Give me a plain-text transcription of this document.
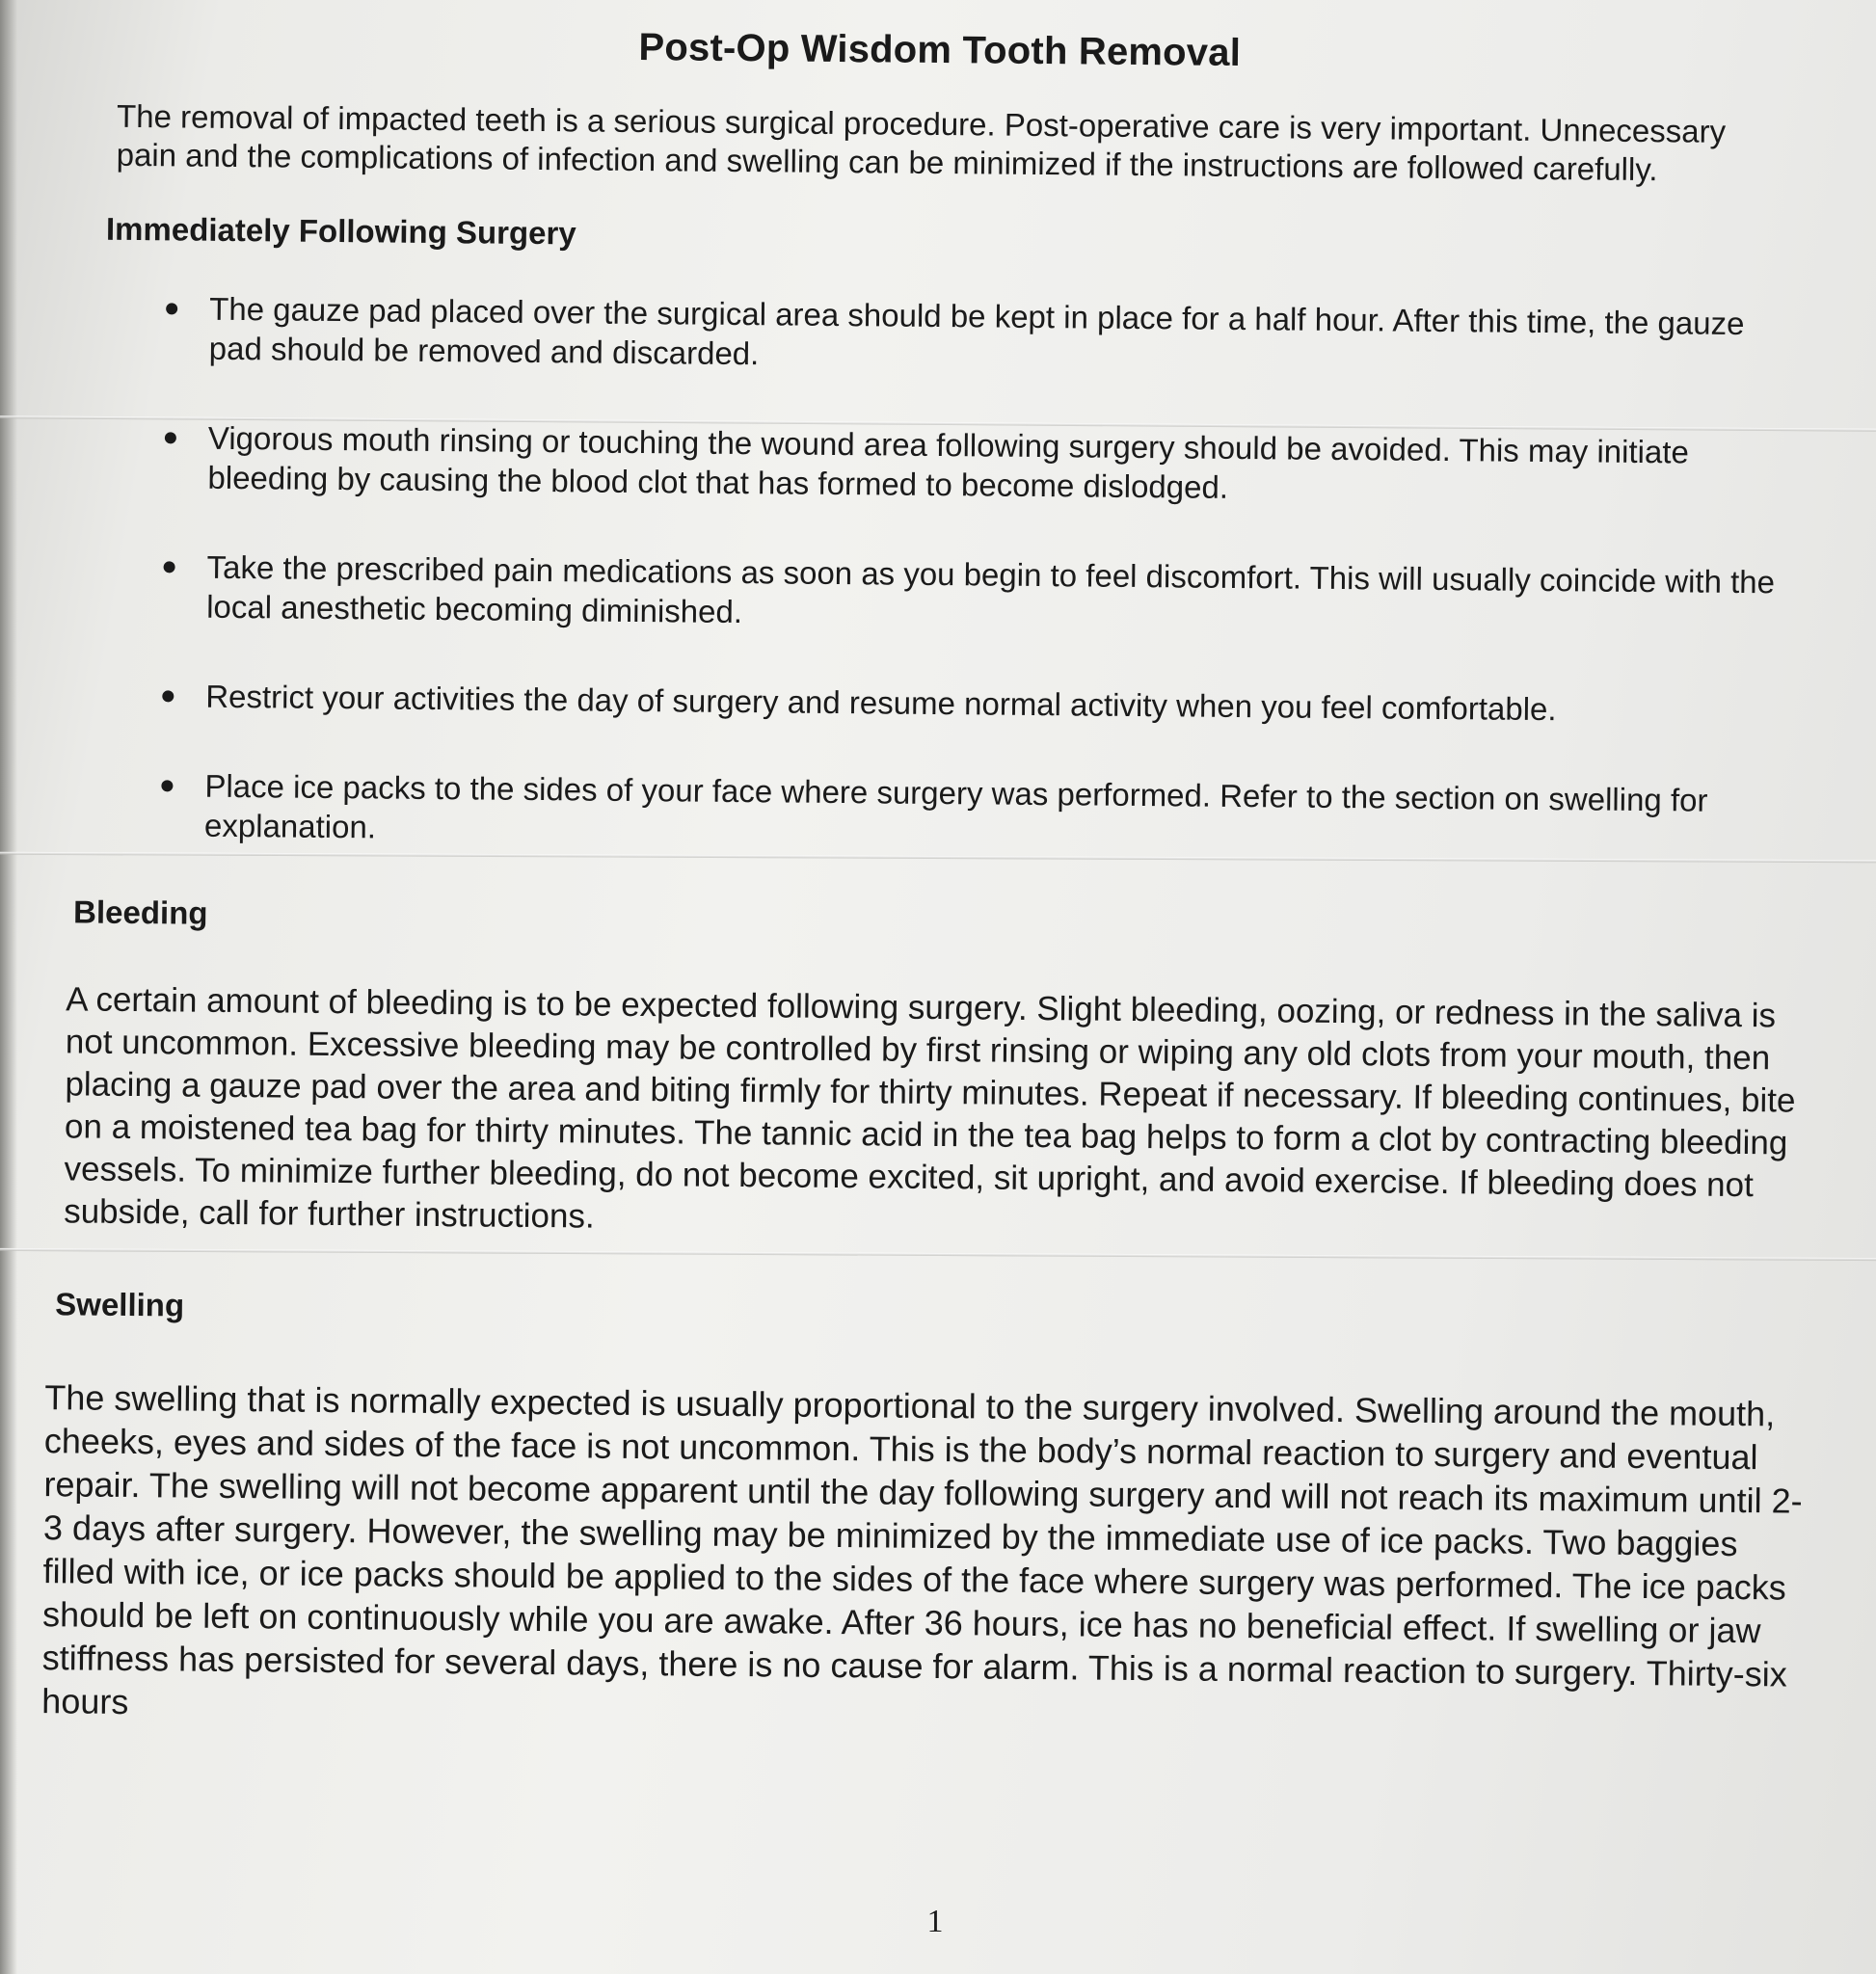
Post-Op Wisdom Tooth Removal
The removal of impacted teeth is a serious surgical procedure. Post-operative care is very important. Unnecessary pain and the complications of infection and swelling can be minimized if the instructions are followed carefully.
Immediately Following Surgery
The gauze pad placed over the surgical area should be kept in place for a half hour. After this time, the gauze pad should be removed and discarded.
Vigorous mouth rinsing or touching the wound area following surgery should be avoided. This may initiate bleeding by causing the blood clot that has formed to become dislodged.
Take the prescribed pain medications as soon as you begin to feel discomfort. This will usually coincide with the local anesthetic becoming diminished.
Restrict your activities the day of surgery and resume normal activity when you feel comfortable.
Place ice packs to the sides of your face where surgery was performed. Refer to the section on swelling for explanation.
Bleeding
A certain amount of bleeding is to be expected following surgery. Slight bleeding, oozing, or redness in the saliva is not uncommon. Excessive bleeding may be controlled by first rinsing or wiping any old clots from your mouth, then placing a gauze pad over the area and biting firmly for thirty minutes. Repeat if necessary. If bleeding continues, bite on a moistened tea bag for thirty minutes. The tannic acid in the tea bag helps to form a clot by contracting bleeding vessels. To minimize further bleeding, do not become excited, sit upright, and avoid exercise. If bleeding does not subside, call for further instructions.
Swelling
The swelling that is normally expected is usually proportional to the surgery involved. Swelling around the mouth, cheeks, eyes and sides of the face is not uncommon. This is the body’s normal reaction to surgery and eventual repair. The swelling will not become apparent until the day following surgery and will not reach its maximum until 2-3 days after surgery. However, the swelling may be minimized by the immediate use of ice packs. Two baggies filled with ice, or ice packs should be applied to the sides of the face where surgery was performed. The ice packs should be left on continuously while you are awake. After 36 hours, ice has no beneficial effect. If swelling or jaw stiffness has persisted for several days, there is no cause for alarm. This is a normal reaction to surgery. Thirty-six hours
1
